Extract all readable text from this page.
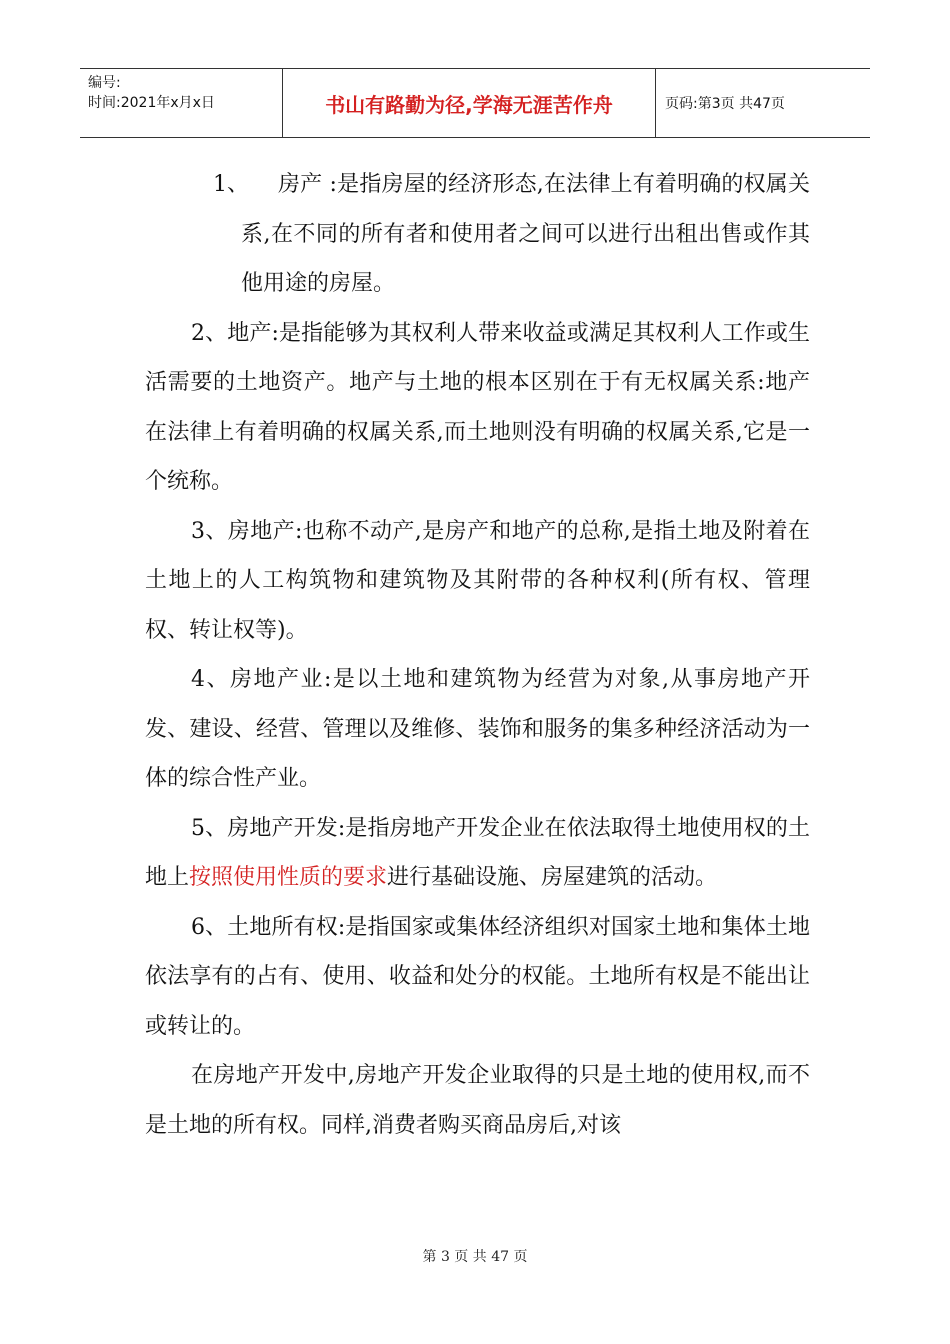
编号:
时间:2021年x月x日	书山有路勤为径,学海无涯苦作舟	页码:第3页 共47页

1、 房产 :是指房屋的经济形态,在法律上有着明确的权属关系,在不同的所有者和使用者之间可以进行出租出售或作其他用途的房屋。

2、地产:是指能够为其权利人带来收益或满足其权利人工作或生活需要的土地资产。地产与土地的根本区别在于有无权属关系:地产在法律上有着明确的权属关系,而土地则没有明确的权属关系,它是一个统称。

3、房地产:也称不动产,是房产和地产的总称,是指土地及附着在土地上的人工构筑物和建筑物及其附带的各种权利(所有权、管理权、转让权等)。

4、房地产业:是以土地和建筑物为经营为对象,从事房地产开发、建设、经营、管理以及维修、装饰和服务的集多种经济活动为一体的综合性产业。

5、房地产开发:是指房地产开发企业在依法取得土地使用权的土地上按照使用性质的要求进行基础设施、房屋建筑的活动。

6、土地所有权:是指国家或集体经济组织对国家土地和集体土地依法享有的占有、使用、收益和处分的权能。土地所有权是不能出让或转让的。

在房地产开发中,房地产开发企业取得的只是土地的使用权,而不是土地的所有权。同样,消费者购买商品房后,对该

第 3 页 共 47 页
